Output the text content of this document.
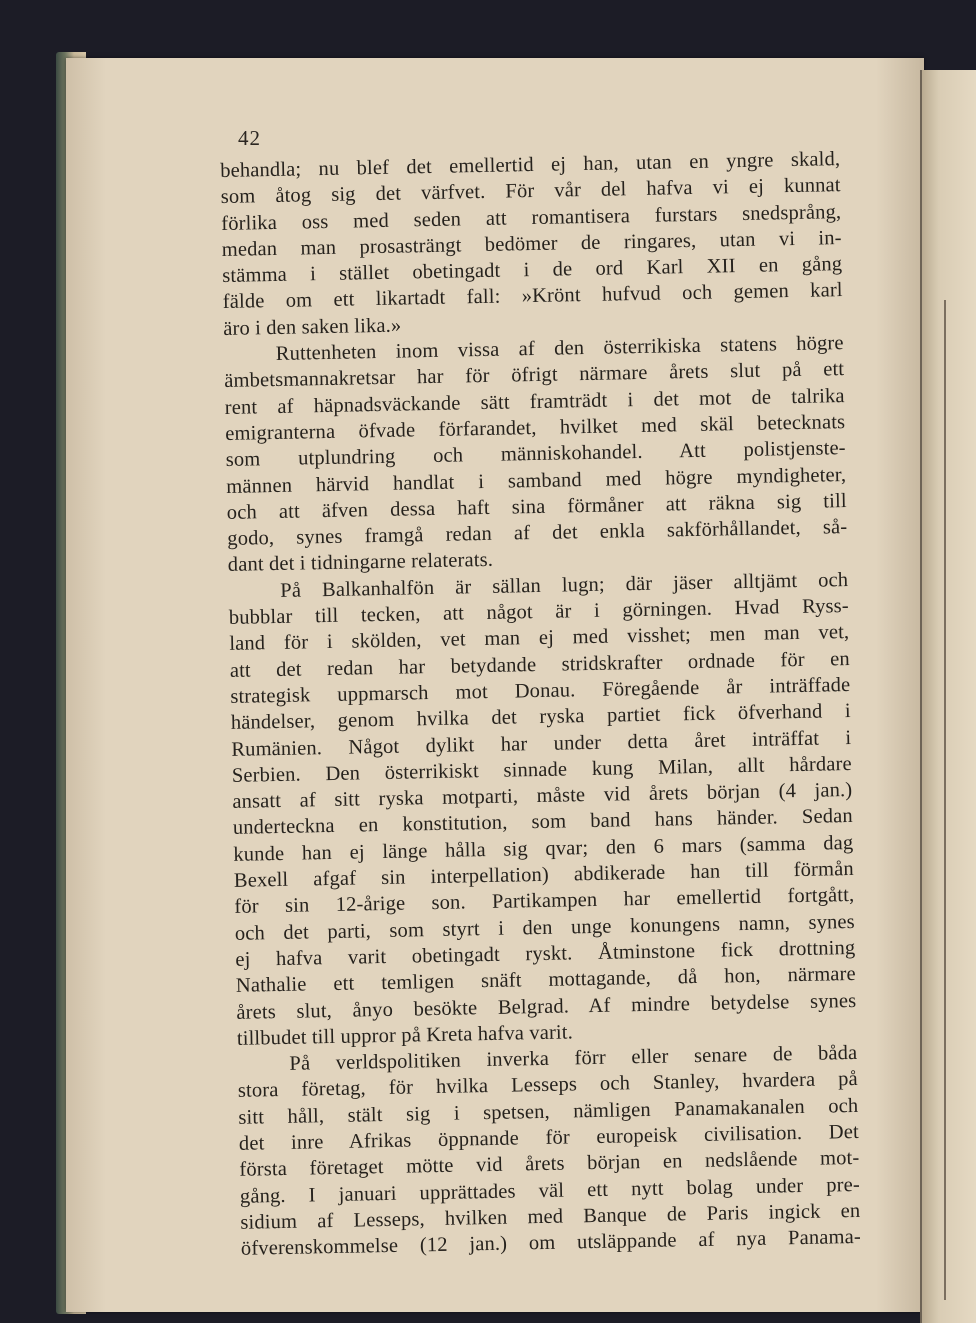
42
behandla; nu blef det emellertid ej han, utan en yngre skald,
som åtog sig det värfvet. För vår del hafva vi ej kunnat
förlika oss med seden att romantisera furstars snedsprång,
medan man prosasträngt bedömer de ringares, utan vi in-
stämma i stället obetingadt i de ord Karl XII en gång
fälde om ett likartadt fall: »Krönt hufvud och gemen karl
äro i den saken lika.»
Ruttenheten inom vissa af den österrikiska statens högre
ämbetsmannakretsar har för öfrigt närmare årets slut på ett
rent af häpnadsväckande sätt framträdt i det mot de talrika
emigranterna öfvade förfarandet, hvilket med skäl betecknats
som utplundring och människohandel. Att polistjenste-
männen härvid handlat i samband med högre myndigheter,
och att äfven dessa haft sina förmåner att räkna sig till
godo, synes framgå redan af det enkla sakförhållandet, så-
dant det i tidningarne relaterats.
På Balkanhalfön är sällan lugn; där jäser alltjämt och
bubblar till tecken, att något är i görningen. Hvad Ryss-
land för i skölden, vet man ej med visshet; men man vet,
att det redan har betydande stridskrafter ordnade för en
strategisk uppmarsch mot Donau. Föregående år inträffade
händelser, genom hvilka det ryska partiet fick öfverhand i
Rumänien. Något dylikt har under detta året inträffat i
Serbien. Den österrikiskt sinnade kung Milan, allt hårdare
ansatt af sitt ryska motparti, måste vid årets början (4 jan.)
underteckna en konstitution, som band hans händer. Sedan
kunde han ej länge hålla sig qvar; den 6 mars (samma dag
Bexell afgaf sin interpellation) abdikerade han till förmån
för sin 12-årige son. Partikampen har emellertid fortgått,
och det parti, som styrt i den unge konungens namn, synes
ej hafva varit obetingadt ryskt. Åtminstone fick drottning
Nathalie ett temligen snäft mottagande, då hon, närmare
årets slut, ånyo besökte Belgrad. Af mindre betydelse synes
tillbudet till uppror på Kreta hafva varit.
På verldspolitiken inverka förr eller senare de båda
stora företag, för hvilka Lesseps och Stanley, hvardera på
sitt håll, stält sig i spetsen, nämligen Panamakanalen och
det inre Afrikas öppnande för europeisk civilisation. Det
första företaget mötte vid årets början en nedslående mot-
gång. I januari upprättades väl ett nytt bolag under pre-
sidium af Lesseps, hvilken med Banque de Paris ingick en
öfverenskommelse (12 jan.) om utsläppande af nya Panama-
